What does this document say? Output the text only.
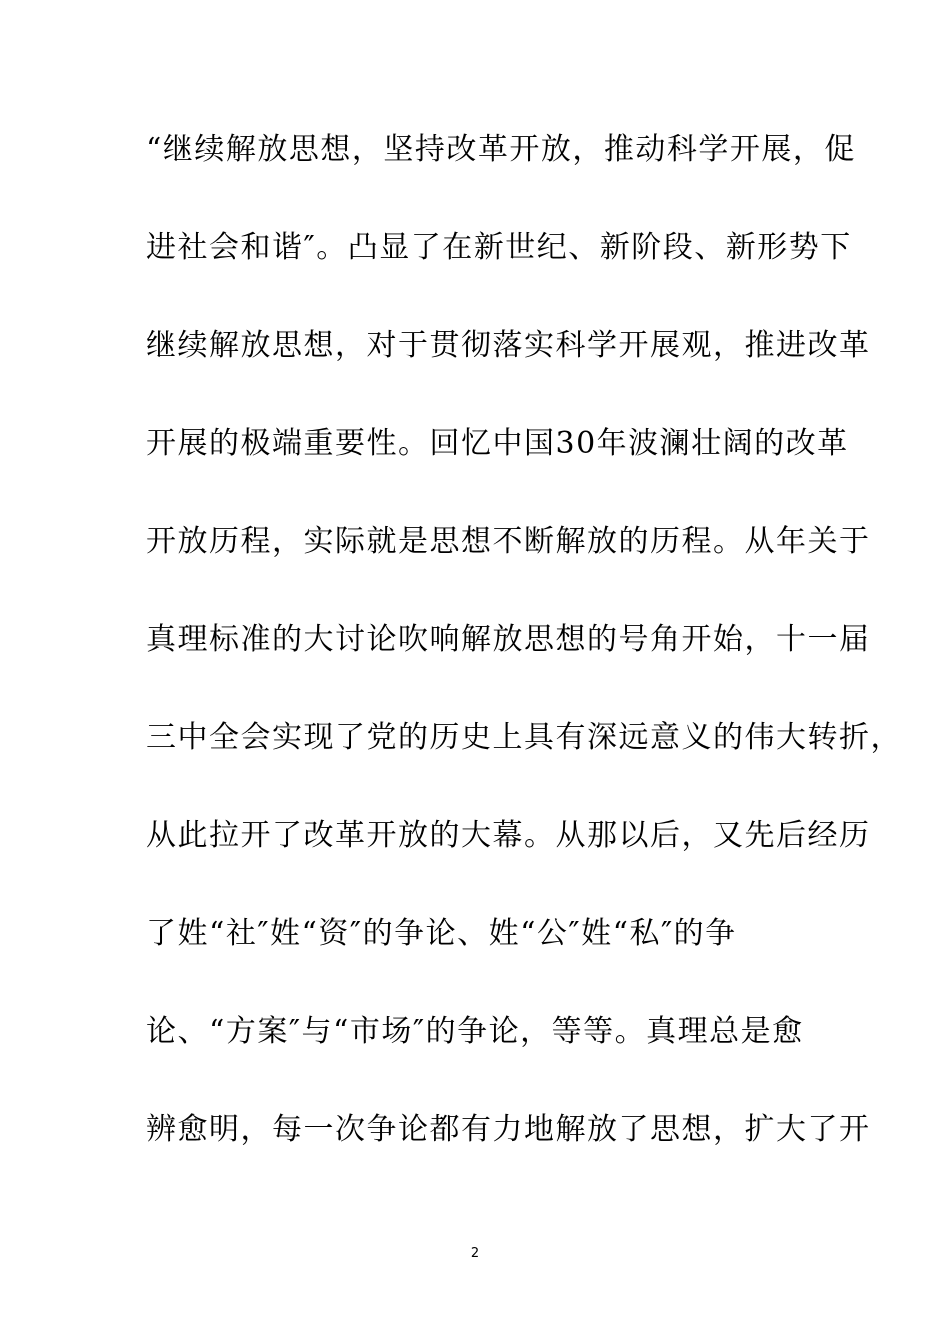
“继续解放思想，坚持改革开放，推动科学开展，促
进社会和谐″。凸显了在新世纪、新阶段、新形势下
继续解放思想，对于贯彻落实科学开展观，推进改革
开展的极端重要性。回忆中国30年波澜壮阔的改革
开放历程，实际就是思想不断解放的历程。从年关于
真理标准的大讨论吹响解放思想的号角开始，十一届
三中全会实现了党的历史上具有深远意义的伟大转折，
从此拉开了改革开放的大幕。从那以后，又先后经历
了姓“社″姓“资″的争论、姓“公″姓“私″的争
论、“方案″与“市场″的争论，等等。真理总是愈
辨愈明，每一次争论都有力地解放了思想，扩大了开
2
